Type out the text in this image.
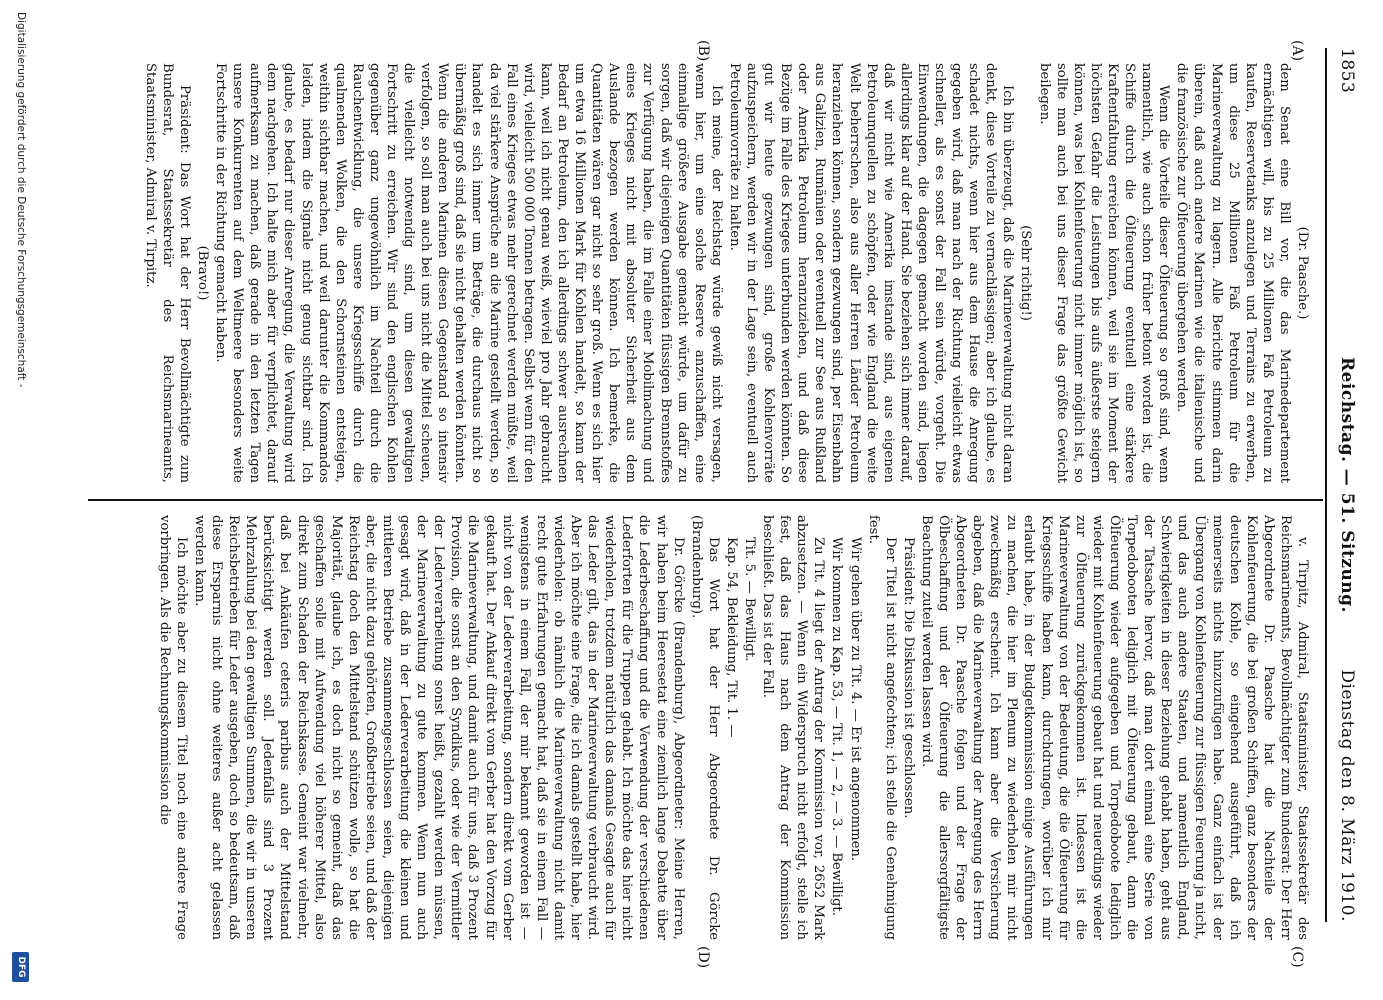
1853
Reichstag. — 51. Sitzung.
Dienstag den 8. März 1910.
(A)
(B)
(C)
(D)

(Dr. Paasche.)

dem Senat eine Bill vor, die das Marinedepartement ermächtigen will, bis zu 25 Millionen Faß Petroleum zu kaufen, Reservetanks anzulegen und Terrains zu erwerben, um diese 25 Millionen Faß Petroleum für die Marineverwaltung zu lagern. Alle Berichte stimmen darin überein, daß auch andere Marinen wie die italienische und die französische zur Ölfeuerung übergehen werden.

Wenn die Vorteile dieser Ölfeuerung so groß sind, wenn namentlich, wie auch schon früher betont worden ist, die Schiffe durch die Ölfeuerung eventuell eine stärkere Kraftentfaltung erreichen können, weil sie im Moment der höchsten Gefahr die Leistungen bis aufs äußerste steigern können, was bei Kohlenfeuerung nicht immer möglich ist, so sollte man auch bei uns dieser Frage das größte Gewicht beilegen.

(Sehr richtig!)

Ich bin überzeugt, daß die Marineverwaltung nicht daran denkt, diese Vorteile zu vernachlässigen; aber ich glaube, es schadet nichts, wenn hier aus dem Hause die Anregung gegeben wird, daß man nach der Richtung vielleicht etwas schneller, als es sonst der Fall sein würde, vorgeht. Die Einwendungen, die dagegen gemacht worden sind, liegen allerdings klar auf der Hand. Sie beziehen sich immer darauf, daß wir nicht wie Amerika imstande sind, aus eigenen Petroleumquellen zu schöpfen, oder wie England die weite Welt beherrschen, also aus aller Herren Länder Petroleum heranziehen können, sondern gezwungen sind, per Eisenbahn aus Galizien, Rumänien oder eventuell zur See aus Rußland oder Amerika Petroleum heranzuziehen, und daß diese Bezüge im Falle des Krieges unterbunden werden könnten. So gut wir heute gezwungen sind, große Kohlenvorräte aufzuspeichern, werden wir in der Lage sein, eventuell auch Petroleumvorräte zu halten.

Ich meine, der Reichstag würde gewiß nicht versagen, wenn hier, um eine solche Reserve anzuschaffen, eine einmalige größere Ausgabe gemacht würde, um dafür zu sorgen, daß wir diejenigen Quantitäten flüssigen Brennstoffes zur Verfügung haben, die im Falle einer Mobilmachung und eines Krieges nicht mit absoluter Sicherheit aus dem Auslande bezogen werden können. Ich bemerke, die Quantitäten wären gar nicht so sehr groß. Wenn es sich hier um etwa 16 Millionen Mark für Kohlen handelt, so kann der Bedarf an Petroleum, den ich allerdings schwer ausrechnen kann, weil ich nicht genau weiß, wieviel pro Jahr gebraucht wird, vielleicht 500 000 Tonnen betragen. Selbst wenn für den Fall eines Krieges etwas mehr gerechnet werden müßte, weil da viel stärkere Ansprüche an die Marine gestellt werden, so handelt es sich immer um Beträge, die durchaus nicht so übermäßig groß sind, daß sie nicht gehalten werden könnten. Wenn die anderen Marinen diesen Gegenstand so intensiv verfolgen, so soll man auch bei uns nicht die Mittel scheuen, die vielleicht notwendig sind, um diesen gewaltigen Fortschritt zu erreichen. Wir sind den englischen Kohlen gegenüber ganz ungewöhnlich im Nachteil durch die Rauchentwicklung, die unsere Kriegsschiffe durch die qualmenden Wolken, die den Schornsteinen entsteigen, weithin sichtbar machen, und weil darunter die Kommandos leiden, indem die Signale nicht genug sichtbar sind. Ich glaube, es bedarf nur dieser Anregung, die Verwaltung wird dem nachgehen. Ich halte mich aber für verpflichtet, darauf aufmerksam zu machen, daß gerade in den letzten Tagen unsere Konkurrenten auf dem Weltmeere besonders weite Fortschritte in der Richtung gemacht haben.

(Bravo!)

Präsident: Das Wort hat der Herr Bevollmächtigte zum Bundesrat, Staatssekretär des Reichsmarineamts, Staatsminister, Admiral v. Tirpitz.

v. Tirpitz, Admiral, Staatsminister, Staatssekretär des Reichsmarineamts, Bevollmächtigter zum Bundesrat: Der Herr Abgeordnete Dr. Paasche hat die Nachteile der Kohlenfeuerung, die bei großen Schiffen, ganz besonders der deutschen Kohle, so eingehend ausgeführt, daß ich meinerseits nichts hinzuzufügen habe. Ganz einfach ist der Übergang von Kohlenfeuerung zur flüssigen Feuerung ja nicht, und das auch andere Staaten, und namentlich England, Schwierigkeiten in dieser Beziehung gehabt haben, geht aus der Tatsache hervor, daß man dort einmal eine Serie von Torpedobooten lediglich mit Ölfeuerung gebaut, dann die Ölfeuerung wieder aufgegeben und Torpedoboote lediglich wieder mit Kohlenfeuerung gebaut hat und neuerdings wieder zur Ölfeuerung zurückgekommen ist. Indessen ist die Marineverwaltung von der Bedeutung, die die Ölfeuerung für Kriegsschiffe haben kann, durchdrungen, worüber ich mir erlaubt habe, in der Budgetkommission einige Ausführungen zu machen, die hier im Plenum zu wiederholen mir nicht zweckmäßig erscheint. Ich kann aber die Versicherung abgeben, daß die Marineverwaltung der Anregung des Herrn Abgeordneten Dr. Paasche folgen und der Frage der Ölbeschaffung und der Ölfeuerung die allersorgfältigste Beachtung zuteil werden lassen wird.

Präsident: Die Diskussion ist geschlossen.

Der Titel ist nicht angefochten; ich stelle die Genehmigung fest.

Wir gehen über zu Tit. 4. — Er ist angenommen.

Wir kommen zu Kap. 53, — Tit. 1, — 2, — 3. — Bewilligt.

Zu Tit. 4 liegt der Antrag der Kommission vor, 2652 Mark abzusetzen. — Wenn ein Widerspruch nicht erfolgt, stelle ich fest, daß das Haus nach dem Antrag der Kommission beschließt. Das ist der Fall.

Tit. 5. — Bewilligt.

Kap. 54, Bekleidung, Tit. 1. —

Das Wort hat der Herr Abgeordnete Dr. Görcke (Brandenburg).

Dr. Görcke (Brandenburg), Abgeordneter: Meine Herren, wir haben beim Heeresetat eine ziemlich lange Debatte über die Lederbeschaffung und die Verwendung der verschiedenen Lederforten für die Truppen gehabt. Ich möchte das hier nicht wiederholen, trotzdem natürlich das damals Gesagte auch für das Leder gilt, das in der Marineverwaltung verbraucht wird. Aber ich möchte eine Frage, die ich damals gestellt habe, hier wiederholen: ob nämlich die Marineverwaltung nicht damit recht gute Erfahrungen gemacht hat, daß sie in einem Fall — wenigstens in einem Fall, der mir bekannt geworden ist — nicht von der Lederverarbeitung, sondern direkt vom Gerber gekauft hat. Der Ankauf direkt vom Gerber hat den Vorzug für die Marineverwaltung, und damit auch für uns, daß 3 Prozent Provision, die sonst an den Syndikus, oder wie der Vermittler der Lederverarbeitung sonst heißt, gezahlt werden müssen, der Marineverwaltung zu gute kommen. Wenn nun auch gesagt wird, daß in der Lederverarbeitung die kleinen und mittleren Betriebe zusammengeschlossen seien, diejenigen aber, die nicht dazu gehörten, Großbetriebe seien, und daß der Reichstag doch den Mittelstand schützen wolle, so hat die Majorität, glaube ich, es doch nicht so gemeint, daß das geschaffen solle mit Aufwendung viel höherer Mittel, also direkt zum Schaden der Reichskasse. Gemeint war vielmehr, daß bei Ankäufen ceteris paribus auch der Mittelstand berücksichtigt werden soll. Jedenfalls sind 3 Prozent Mehrzahlung bei den gewaltigen Summen, die wir in unseren Reichsbetrieben für Leder ausgeben, doch so bedeutsam, daß diese Ersparnis nicht ohne weiteres außer acht gelassen werden kann.

Ich möchte aber zu diesem Titel noch eine andere Frage vorbringen. Als die Rechnungskommission die

Digitalisierung gefördert durch die Deutsche Forschungsgemeinschaft -
DFG
